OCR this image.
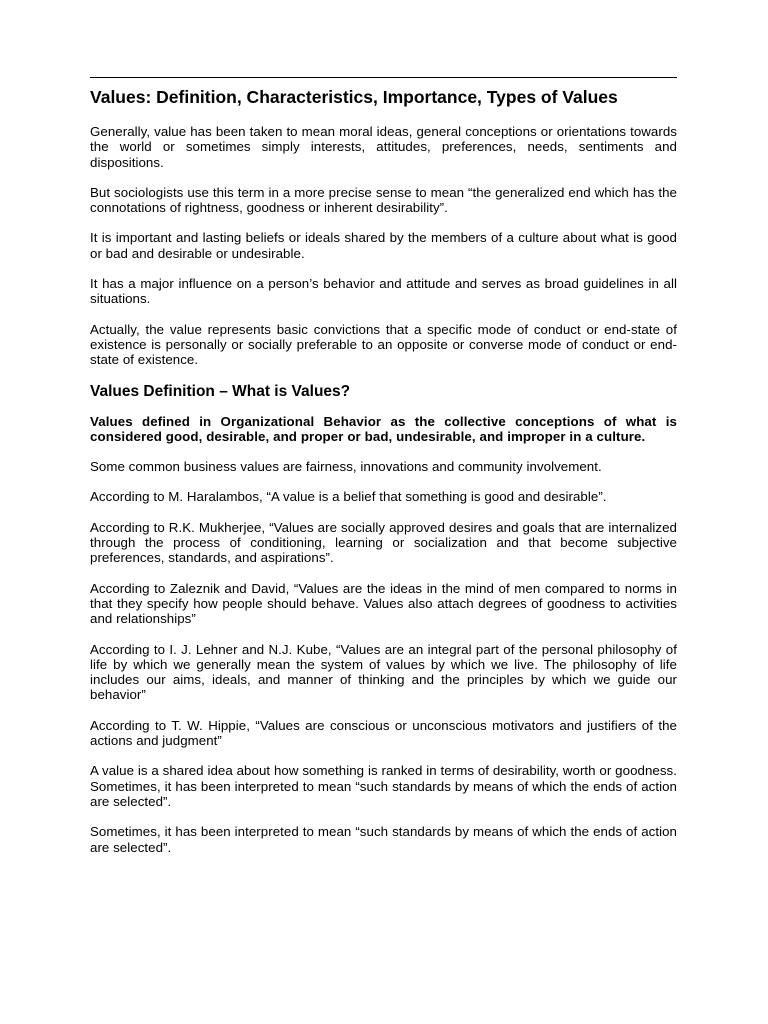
Values: Definition, Characteristics, Importance, Types of Values

Generally, value has been taken to mean moral ideas, general conceptions or orientations towards the world or sometimes simply interests, attitudes, preferences, needs, sentiments and dispositions.

But sociologists use this term in a more precise sense to mean “the generalized end which has the connotations of rightness, goodness or inherent desirability”.

It is important and lasting beliefs or ideals shared by the members of a culture about what is good or bad and desirable or undesirable.

It has a major influence on a person’s behavior and attitude and serves as broad guidelines in all situations.

Actually, the value represents basic convictions that a specific mode of conduct or end-state of existence is personally or socially preferable to an opposite or converse mode of conduct or end-state of existence.

Values Definition – What is Values?

Values defined in Organizational Behavior as the collective conceptions of what is considered good, desirable, and proper or bad, undesirable, and improper in a culture.

Some common business values are fairness, innovations and community involvement.

According to M. Haralambos, “A value is a belief that something is good and desirable”.

According to R.K. Mukherjee, “Values are socially approved desires and goals that are internalized through the process of conditioning, learning or socialization and that become subjective preferences, standards, and aspirations”.

According to Zaleznik and David, “Values are the ideas in the mind of men compared to norms in that they specify how people should behave. Values also attach degrees of goodness to activities and relationships”

According to I. J. Lehner and N.J. Kube, “Values are an integral part of the personal philosophy of life by which we generally mean the system of values by which we live. The philosophy of life includes our aims, ideals, and manner of thinking and the principles by which we guide our behavior”

According to T. W. Hippie, “Values are conscious or unconscious motivators and justifiers of the actions and judgment”

A value is a shared idea about how something is ranked in terms of desirability, worth or goodness. Sometimes, it has been interpreted to mean “such standards by means of which the ends of action are selected”.

Sometimes, it has been interpreted to mean “such standards by means of which the ends of action are selected”.
